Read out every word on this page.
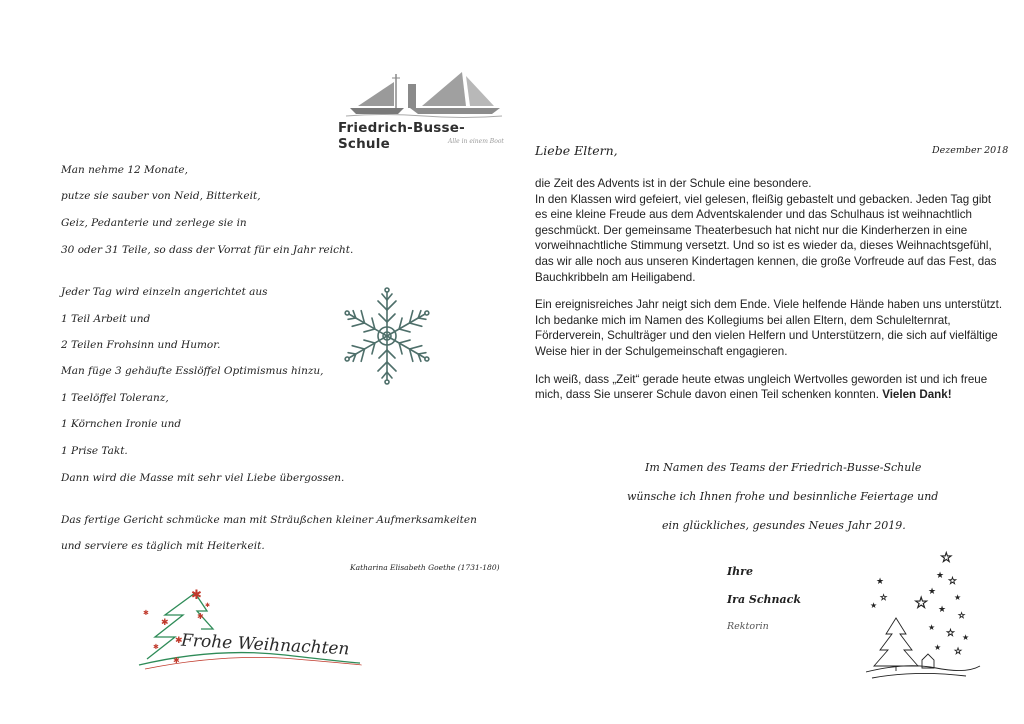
Friedrich-Busse-Schule	Alle in einem Boot
Man nehme 12 Monate,
putze sie sauber von Neid, Bitterkeit,
Geiz, Pedanterie und zerlege sie in
30 oder 31 Teile, so dass der Vorrat für ein Jahr reicht.
Jeder Tag wird einzeln angerichtet aus
1 Teil Arbeit und
2 Teilen Frohsinn und Humor.
Man füge 3 gehäufte Esslöffel Optimismus hinzu,
1 Teelöffel Toleranz,
1 Körnchen Ironie und
1 Prise Takt.
Dann wird die Masse mit sehr viel Liebe übergossen.
Das fertige Gericht schmücke man mit Sträußchen kleiner Aufmerksamkeiten
und serviere es täglich mit Heiterkeit.
Katharina Elisabeth Goethe (1731-180)
✱
✱
✱	✱
✱
✱
✱
✱
Frohe Weihnachten
Liebe Eltern,	Dezember 2018

die Zeit des Advents ist in der Schule eine besondere.
In den Klassen wird gefeiert, viel gelesen, fleißig gebastelt und gebacken. Jeden Tag gibt es eine kleine Freude aus dem Adventskalender und das Schulhaus ist weihnachtlich geschmückt. Der gemeinsame Theaterbesuch hat nicht nur die Kinderherzen in eine vorweihnachtliche Stimmung versetzt. Und so ist es wieder da, dieses Weihnachtsgefühl, das wir alle noch aus unseren Kindertagen kennen, die große Vorfreude auf das Fest, das Bauchkribbeln am Heiligabend.

Ein ereignisreiches Jahr neigt sich dem Ende. Viele helfende Hände haben uns unterstützt. Ich bedanke mich im Namen des Kollegiums bei allen Eltern, dem Schulelternrat, Förderverein, Schulträger und den vielen Helfern und Unterstützern, die sich auf vielfältige Weise hier in der Schulgemeinschaft engagieren.

Ich weiß, dass „Zeit“ gerade heute etwas ungleich Wertvolles geworden ist und ich freue mich, dass Sie unserer Schule davon einen Teil schenken konnten. Vielen Dank!

Im Namen des Teams der Friedrich-Busse-Schule
wünsche ich Ihnen frohe und besinnliche Feiertage und
ein glückliches, gesundes Neues Jahr 2019.
Ihre
Ira Schnack
Rektorin
☆
★ ☆
★
★
☆ ★
☆
★
☆
★
★
☆ ★
★ ☆
